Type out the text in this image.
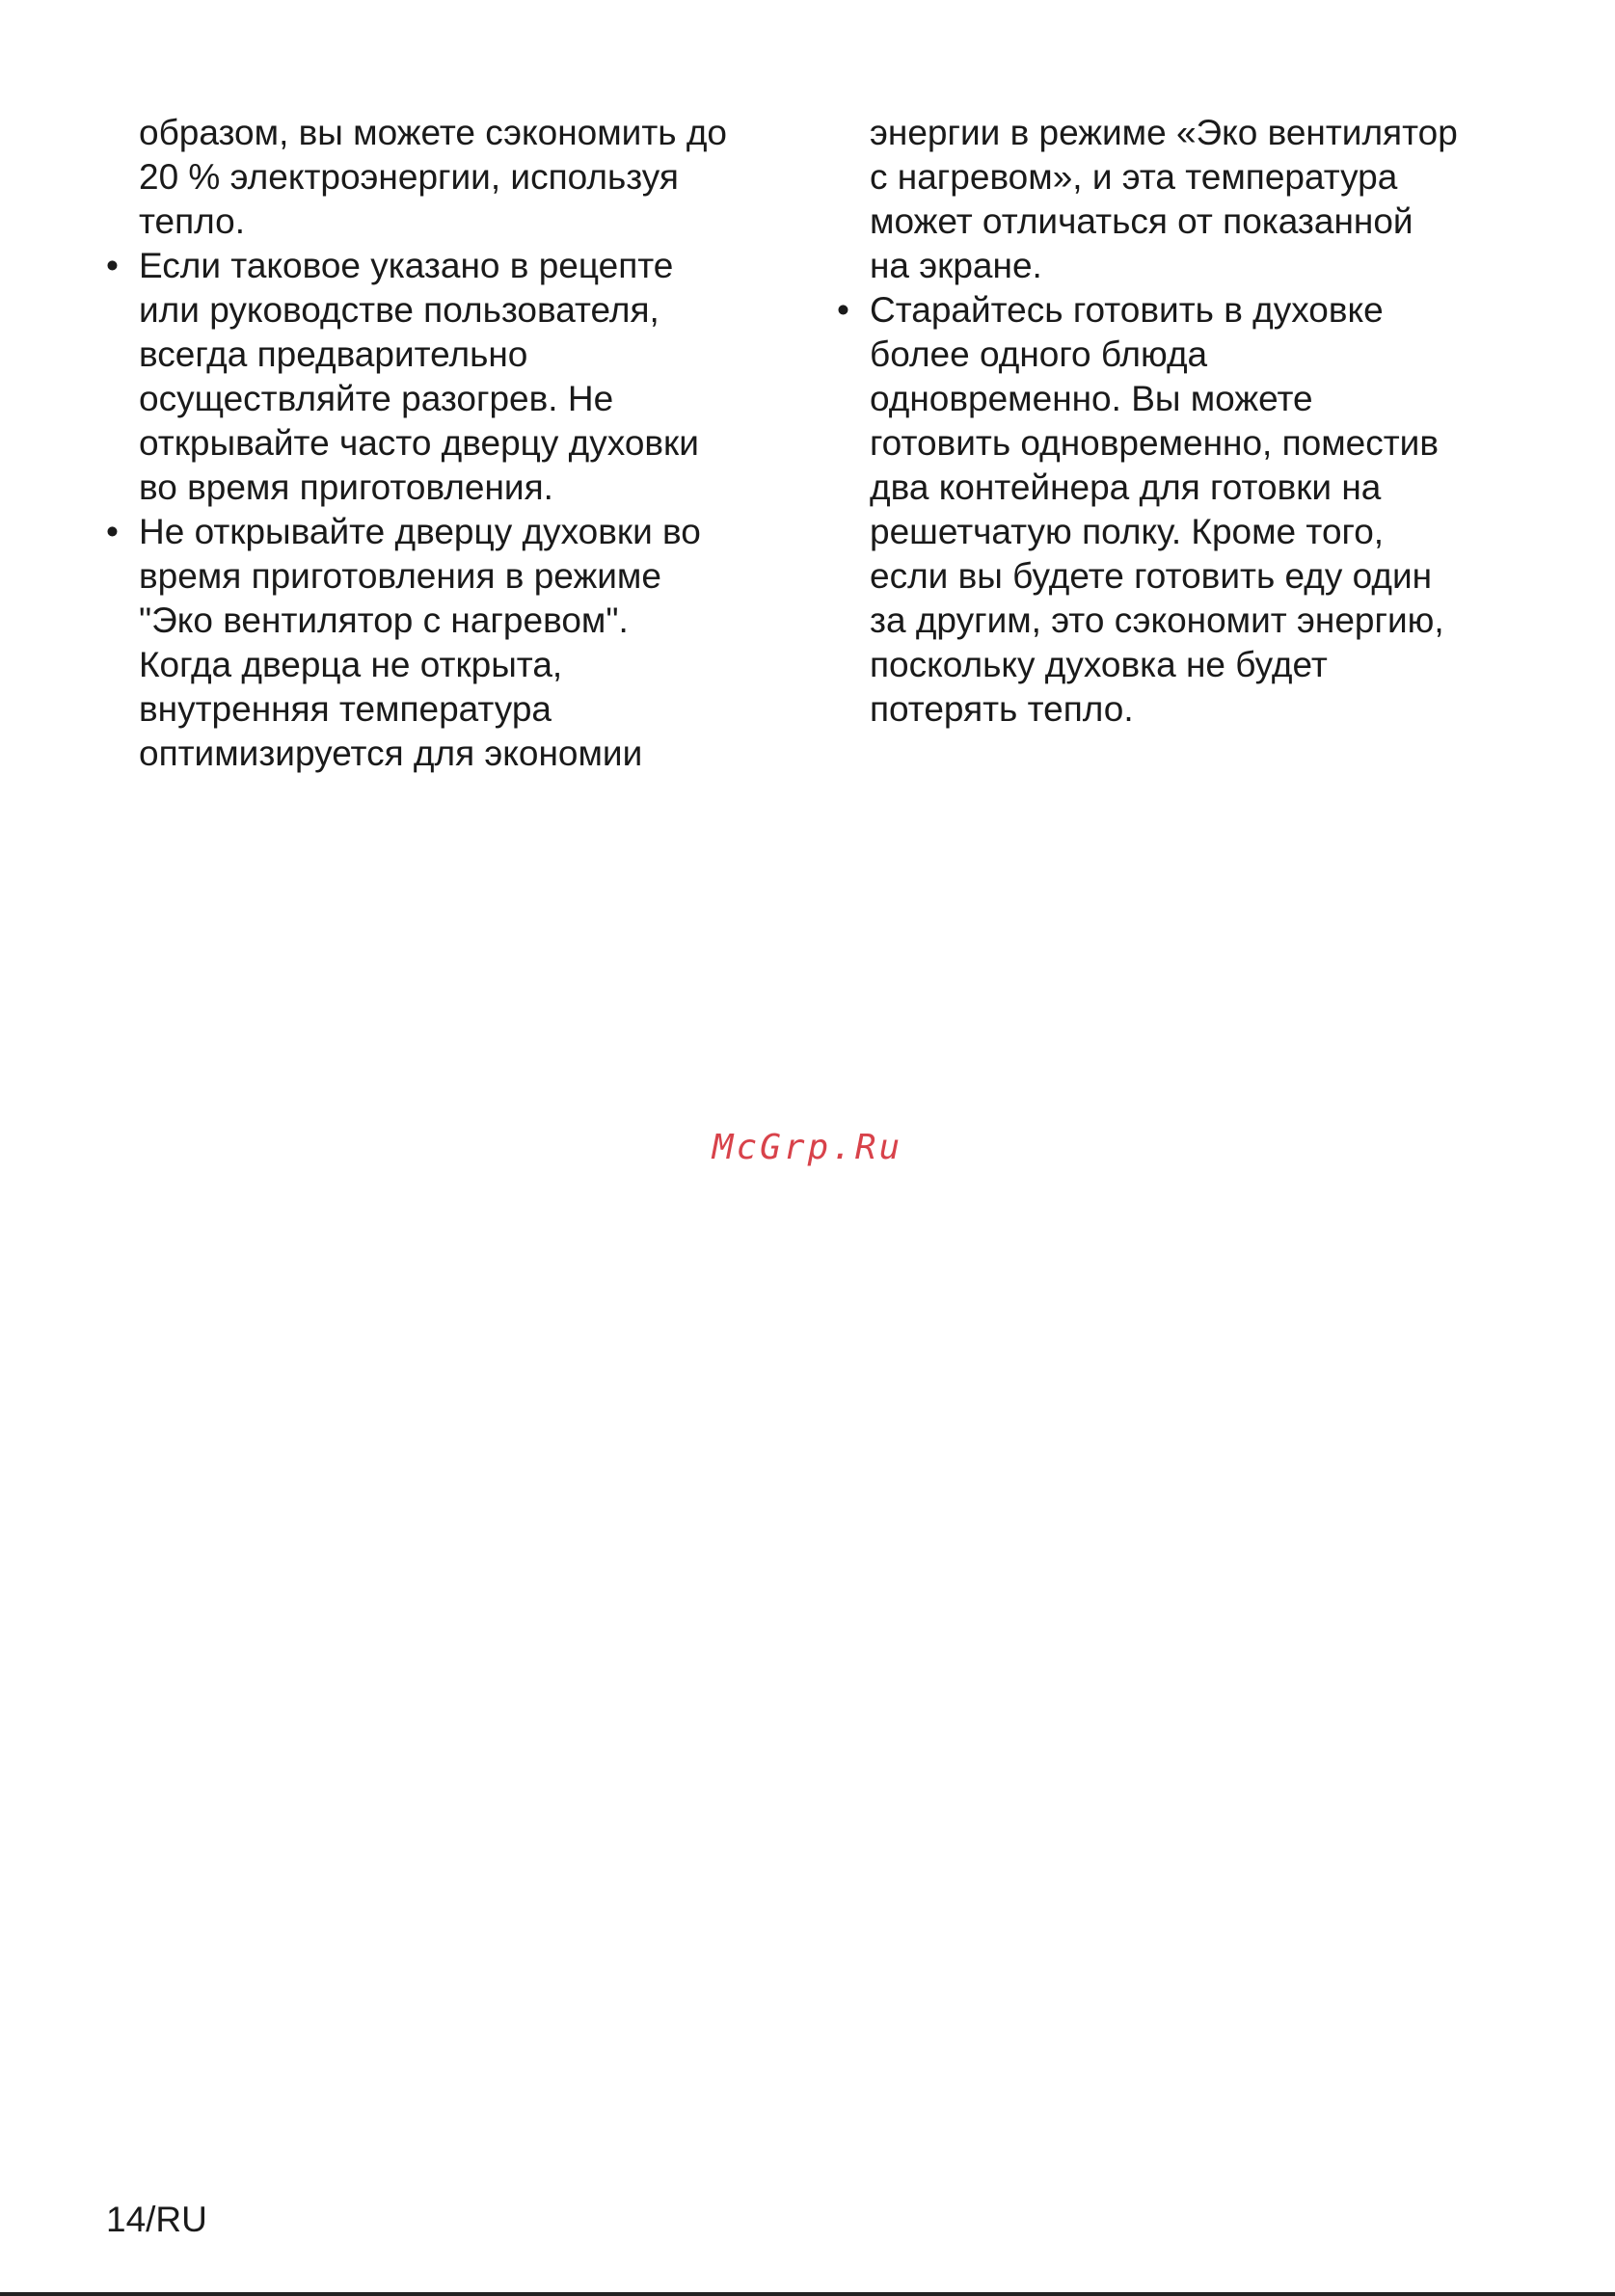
образом, вы можете сэкономить до
20 % электроэнергии, используя
тепло.
• Если таковое указано в рецепте
или руководстве пользователя,
всегда предварительно
осуществляйте разогрев. Не
открывайте часто дверцу духовки
во время приготовления.
• Не открывайте дверцу духовки во
время приготовления в режиме
"Эко вентилятор с нагревом".
Когда дверца не открыта,
внутренняя температура
оптимизируется для экономии
энергии в режиме «Эко вентилятор
с нагревом», и эта температура
может отличаться от показанной
на экране.
• Старайтесь готовить в духовке
более одного блюда
одновременно. Вы можете
готовить одновременно, поместив
два контейнера для готовки на
решетчатую полку. Кроме того,
если вы будете готовить еду один
за другим, это сэкономит энергию,
поскольку духовка не будет
потерять тепло.
McGrp.Ru
14/RU
